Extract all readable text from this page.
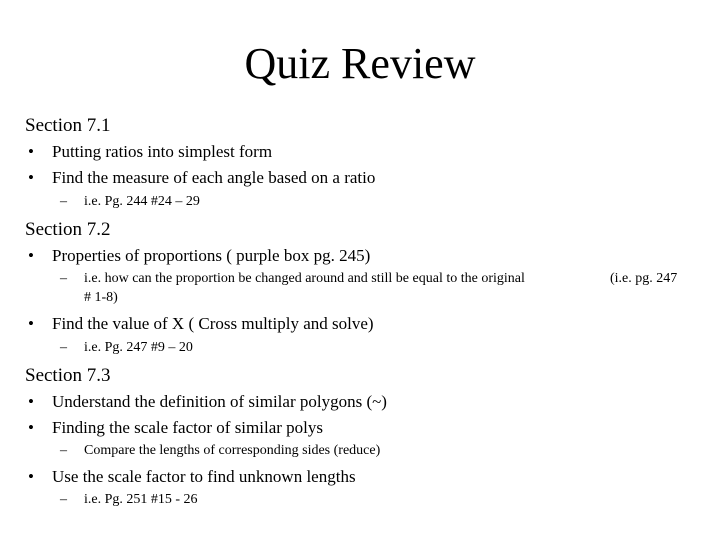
Quiz Review
Section 7.1
• Putting ratios into simplest form
• Find the measure of each angle based on a ratio
– i.e. Pg. 244 #24 – 29
Section 7.2
• Properties of proportions ( purple box pg. 245)
– i.e. how can the proportion be changed around and still be equal to the original
# 1-8)
(i.e. pg. 247
• Find the value of X ( Cross multiply and solve)
– i.e. Pg. 247 #9 – 20
Section 7.3
• Understand the definition of similar polygons (~)
• Finding the scale factor of similar polys
– Compare the lengths of corresponding sides (reduce)
• Use the scale factor to find unknown lengths
– i.e. Pg. 251 #15 - 26
